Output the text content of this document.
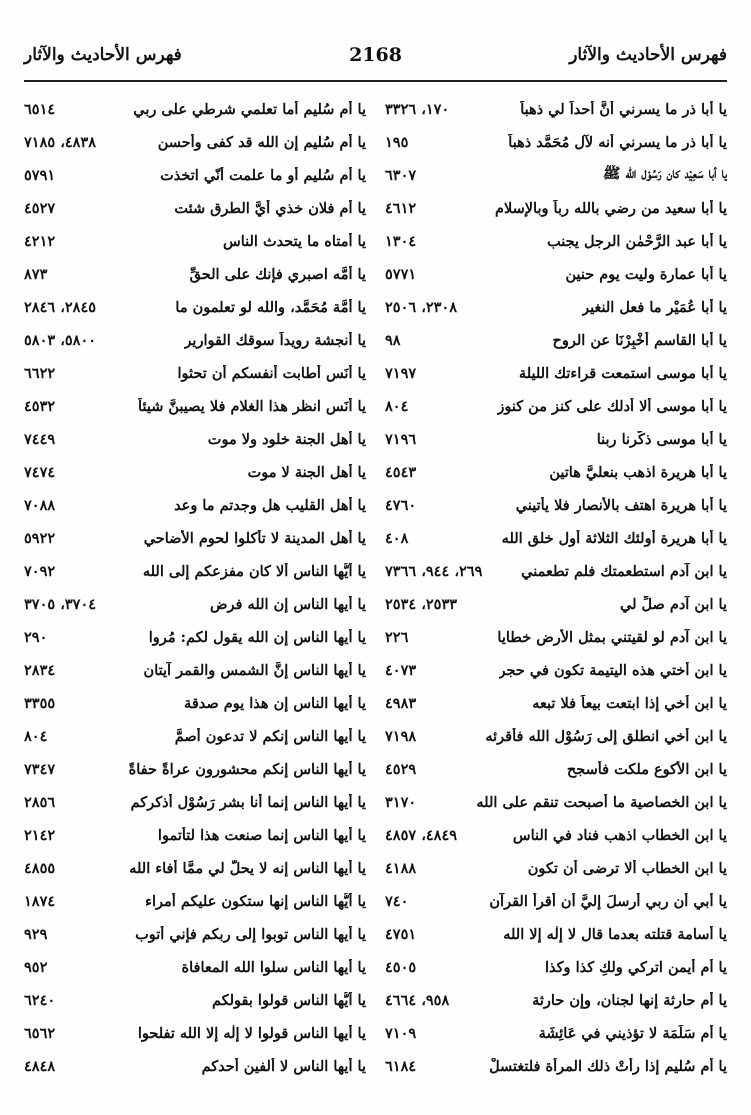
فهرس الأحاديث والآثار
2168
فهرس الأحاديث والآثار
يا أبا ذر ما يسرني أنَّ أُحداً لي ذهباً
١٧٠، ٣٣٢٦
يا أبا ذر ما يسرني أنه لآل مُحَمَّد ذهباً
١٩٥
يا أبا سَعِيْد كان رَسُوْل الله ﷺ
٦٣٠٧
يا أبا سعيد من رضي بالله رباً وبالإسلام
٤٦١٢
يا أبا عبد الرَّحْمٰن الرجل يجنب
١٣٠٤
يا أبا عمارة وليت يوم حنين
٥٧٧١
يا أبا عُمَيْر ما فعل النغير
٢٣٠٨، ٢٥٠٦
يا أبا القاسم أَخْبِرْنَا عن الروح
٩٨
يا أبا موسى استمعت قراءتك الليلة
٧١٩٧
يا أبا موسى ألا أدلك على كنز من كنوز
٨٠٤
يا أبا موسى ذكّرنا ربنا
٧١٩٦
يا أبا هريرة اذهب بنعليَّ هاتين
٤٥٤٣
يا أبا هريرة اهتف بالأنصار فلا يأتيني
٤٧٦٠
يا أبا هريرة أولئك الثلاثة أول خلق الله
٤٠٨
يا ابن آدم استطعمتك فلم تطعمني
٢٦٩، ٩٤٤، ٧٣٦٦
يا ابن آدم صلِّ لي
٢٥٣٣، ٢٥٣٤
يا ابن آدم لو لقيتني بمثل الأرض خطايا
٢٢٦
يا ابن أختي هذه اليتيمة تكون في حجر
٤٠٧٣
يا ابن أخي إذا ابتعت بيعاً فلا تبعه
٤٩٨٣
يا ابن أخي انطلق إلى رَسُوْل الله فأقرئه
٧١٩٨
يا ابن الأكوع ملكت فأسجح
٤٥٢٩
يا ابن الخصاصية ما أصبحت تنقم على الله
٣١٧٠
يا ابن الخطاب اذهب فناد في الناس
٤٨٤٩، ٤٨٥٧
يا ابن الخطاب ألا ترضى أن تكون
٤١٨٨
يا أُبي أن ربي أرسلَ إليَّ أن أقرأ القرآن
٧٤٠
يا أُسامة قتلته بعدما قال لا إِلٰه إلا الله
٤٧٥١
يا أم أيمن اتركي ولكِ كذا وكذا
٤٥٠٥
يا أم حارثة إنها لجنان، وإن حارثة
٩٥٨، ٤٦٦٤
يا أم سَلَمَة لا تؤذيني في عَائِشَة
٧١٠٩
يا أم سُليم إذا رأتْ ذلك المرأة فلتغتسلْ
٦١٨٤
يا أم سُليم أما تعلمي شرطي على ربي
٦٥١٤
يا أم سُليم إن الله قد كفى وأحسن
٤٨٣٨، ٧١٨٥
يا أم سُليم أو ما علمت أنّي اتخذت
٥٧٩١
يا أم فلان خذي أيَّ الطرقِ شئت
٤٥٢٧
يا أمتاه ما يتحدث الناس
٤٢١٢
يا أمَّه اصبري فإنك على الحقِّ
٨٧٣
يا أمَّة مُحَمَّد، والله لو تعلمون ما
٢٨٤٥، ٢٨٤٦
يا أنجشة رويداً سوقك القوارير
٥٨٠٠، ٥٨٠٣
يا أنَس أطابت أنفسكم أن تحثوا
٦٦٢٢
يا أنَس انظر هذا الغلام فلا يصيبنَّ شيئاً
٤٥٣٢
يا أهل الجنة خلود ولا موت
٧٤٤٩
يا أهل الجنة لا موت
٧٤٧٤
يا أهل القليب هل وجدتم ما وعد
٧٠٨٨
يا أهل المدينة لا تأكلوا لحوم الأضاحي
٥٩٢٢
يا أيُّها الناس ألا كان مفزعكم إلى الله
٧٠٩٢
يا أيها الناس إن الله فرض
٣٧٠٤، ٣٧٠٥
يا أيها الناس إن الله يقول لكم: مُروا
٢٩٠
يا أيها الناس إنَّ الشمس والقمر آيتان
٢٨٣٤
يا أيها الناس إن هذا يوم صدقة
٣٣٥٥
يا أيها الناس إنكم لا تدعون أصمَّ
٨٠٤
يا أيها الناس إنكم محشورون عراةً حفاةً
٧٣٤٧
يا أيها الناس إنما أنا بشر رَسُوْل أذكركم
٢٨٥٦
يا أيها الناس إنما صنعت هذا لتأتموا
٢١٤٢
يا أيها الناس إنه لا يحلُّ لي ممَّا أفاء الله
٤٨٥٥
يا أيُّها الناس إنها ستكون عليكم أمراء
١٨٧٤
يا أيها الناس توبوا إلى ربكم فإني أتوب
٩٢٩
يا أيها الناس سلوا الله المعافاة
٩٥٢
يا أيُّها الناس قولوا بقولكم
٦٢٤٠
يا أيها الناس قولوا لا إِلٰه إلا الله تفلحوا
٦٥٦٢
يا أيها الناس لا ألفين أحدكم
٤٨٤٨
